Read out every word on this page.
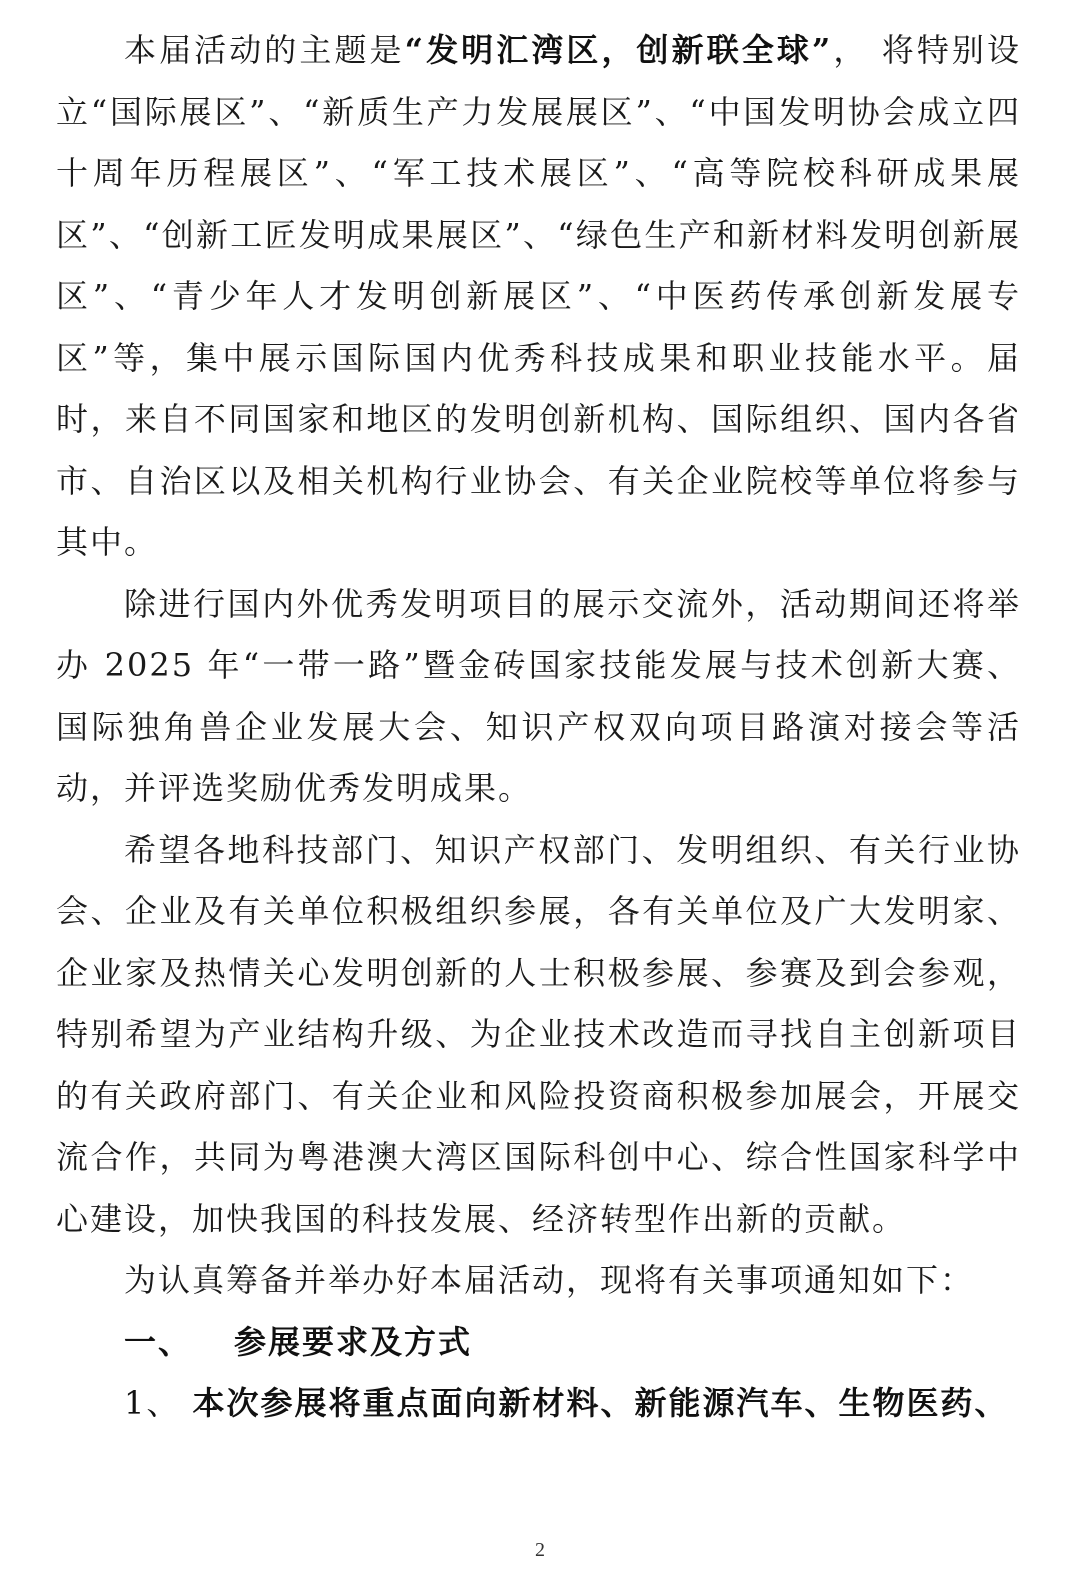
本届活动的主题是“发明汇湾区，创新联全球”， 将特别设立“国际展区”、“新质生产力发展展区”、“中国发明协会成立四十周年历程展区”、“军工技术展区”、“高等院校科研成果展区”、“创新工匠发明成果展区”、“绿色生产和新材料发明创新展区”、“青少年人才发明创新展区”、“中医药传承创新发展专区”等，集中展示国际国内优秀科技成果和职业技能水平。届时，来自不同国家和地区的发明创新机构、国际组织、国内各省市、自治区以及相关机构行业协会、有关企业院校等单位将参与其中。

除进行国内外优秀发明项目的展示交流外，活动期间还将举办 2025 年“一带一路”暨金砖国家技能发展与技术创新大赛、国际独角兽企业发展大会、知识产权双向项目路演对接会等活动，并评选奖励优秀发明成果。

希望各地科技部门、知识产权部门、发明组织、有关行业协会、企业及有关单位积极组织参展，各有关单位及广大发明家、企业家及热情关心发明创新的人士积极参展、参赛及到会参观，特别希望为产业结构升级、为企业技术改造而寻找自主创新项目的有关政府部门、有关企业和风险投资商积极参加展会，开展交流合作，共同为粤港澳大湾区国际科创中心、综合性国家科学中心建设，加快我国的科技发展、经济转型作出新的贡献。

为认真筹备并举办好本届活动，现将有关事项通知如下：

一、 参展要求及方式

1、 本次参展将重点面向新材料、新能源汽车、生物医药、

2
